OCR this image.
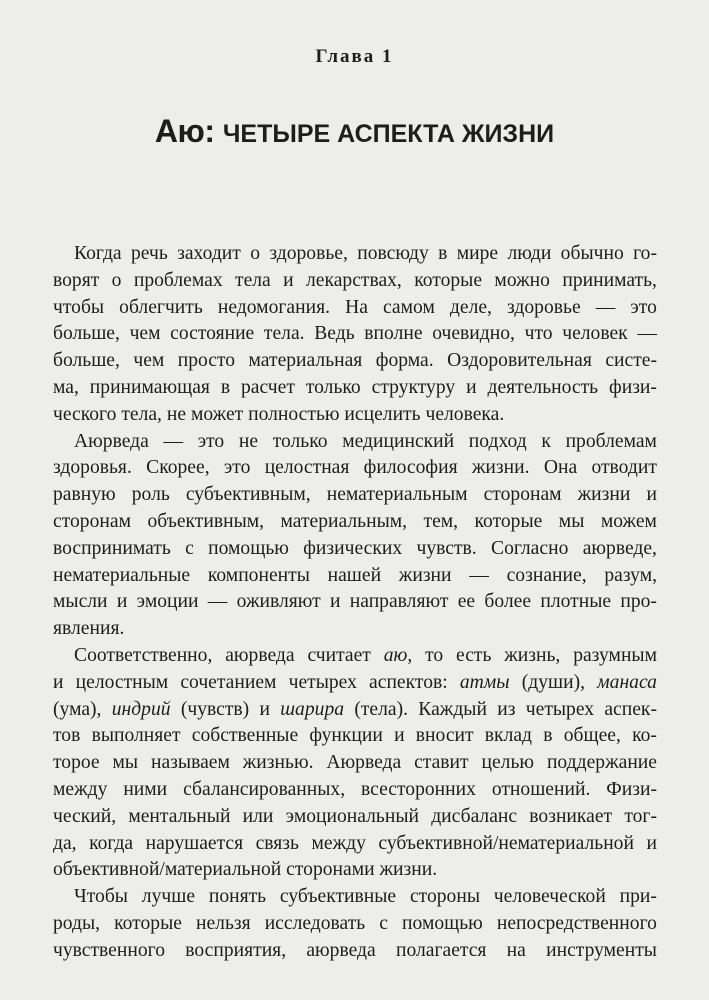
Глава 1
Аю: ЧЕТЫРЕ АСПЕКТА ЖИЗНИ
Когда речь заходит о здоровье, повсюду в мире люди обычно го-
ворят о проблемах тела и лекарствах, которые можно принимать,
чтобы облегчить недомогания. На самом деле, здоровье — это
больше, чем состояние тела. Ведь вполне очевидно, что человек —
больше, чем просто материальная форма. Оздоровительная систе-
ма, принимающая в расчет только структуру и деятельность физи-
ческого тела, не может полностью исцелить человека.
Аюрведа — это не только медицинский подход к проблемам
здоровья. Скорее, это целостная философия жизни. Она отводит
равную роль субъективным, нематериальным сторонам жизни и
сторонам объективным, материальным, тем, которые мы можем
воспринимать с помощью физических чувств. Согласно аюрведе,
нематериальные компоненты нашей жизни — сознание, разум,
мысли и эмоции — оживляют и направляют ее более плотные про-
явления.
Соответственно, аюрведа считает аю, то есть жизнь, разумным
и целостным сочетанием четырех аспектов: атмы (души), манаса
(ума), индрий (чувств) и шарира (тела). Каждый из четырех аспек-
тов выполняет собственные функции и вносит вклад в общее, ко-
торое мы называем жизнью. Аюрведа ставит целью поддержание
между ними сбалансированных, всесторонних отношений. Физи-
ческий, ментальный или эмоциональный дисбаланс возникает тог-
да, когда нарушается связь между субъективной/нематериальной и
объективной/материальной сторонами жизни.
Чтобы лучше понять субъективные стороны человеческой при-
роды, которые нельзя исследовать с помощью непосредственного
чувственного восприятия, аюрведа полагается на инструменты
